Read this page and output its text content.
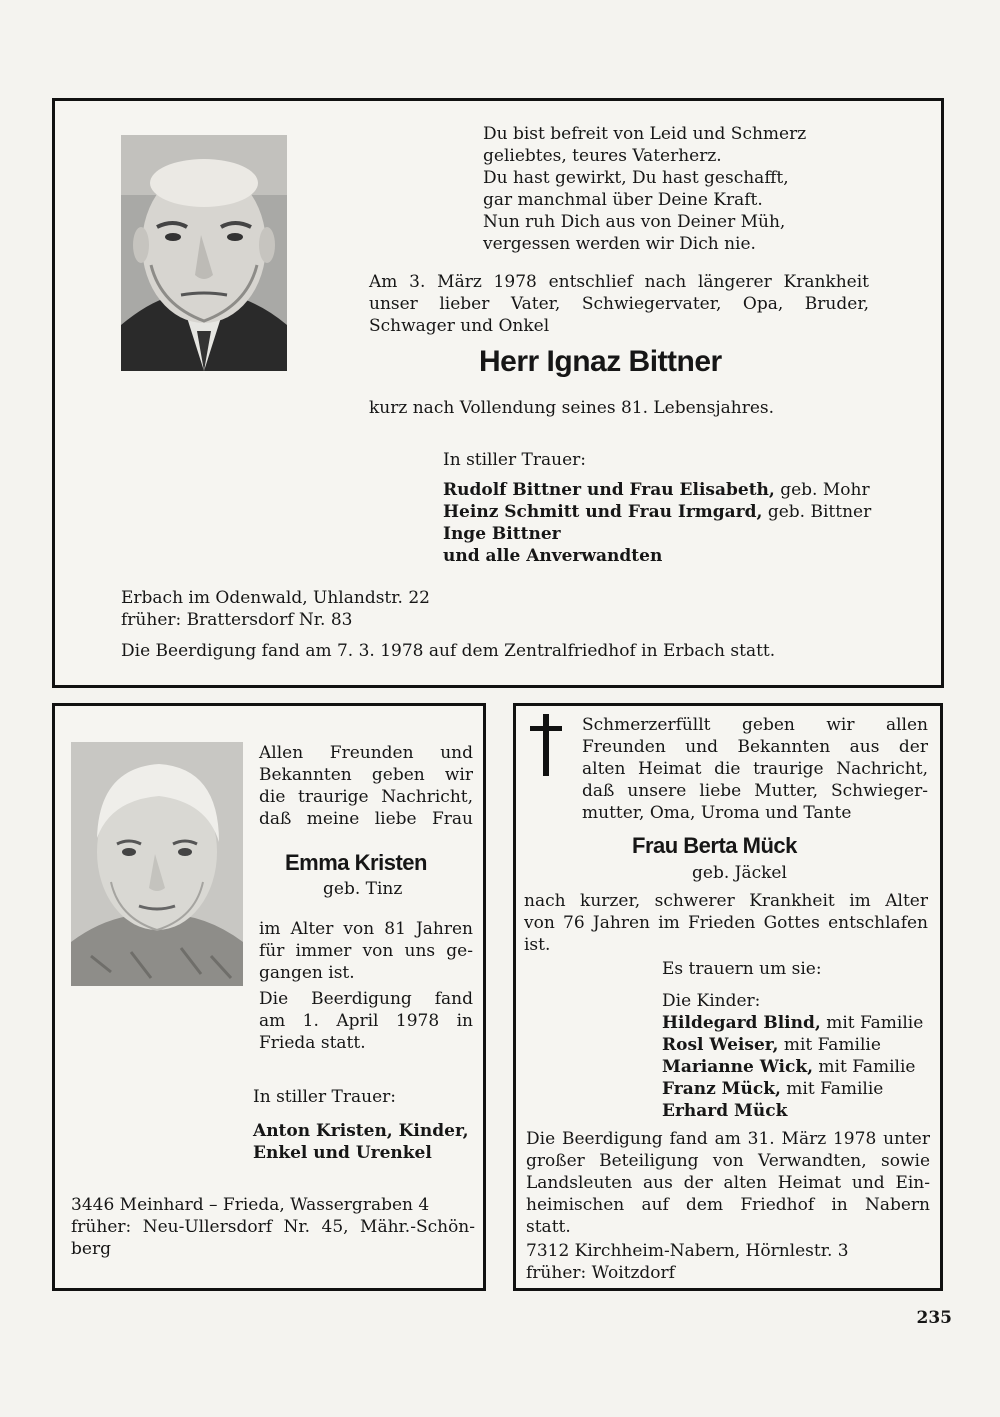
Du bist befreit von Leid und Schmerz
geliebtes, teures Vaterherz.
Du hast gewirkt, Du hast geschafft,
gar manchmal über Deine Kraft.
Nun ruh Dich aus von Deiner Müh,
vergessen werden wir Dich nie.
Am 3. März 1978 entschlief nach längerer Krankheit
unser lieber Vater, Schwiegervater, Opa, Bruder,
Schwager und Onkel
Herr Ignaz Bittner
kurz nach Vollendung seines 81. Lebensjahres.
In stiller Trauer:
Rudolf Bittner und Frau Elisabeth, geb. Mohr
Heinz Schmitt und Frau Irmgard, geb. Bittner
Inge Bittner
und alle Anverwandten
Erbach im Odenwald, Uhlandstr. 22
früher: Brattersdorf Nr. 83
Die Beerdigung fand am 7. 3. 1978 auf dem Zentralfriedhof in Erbach statt.
Allen Freunden und
Bekannten geben wir
die traurige Nachricht,
daß meine liebe Frau
Emma Kristen
geb. Tinz
im Alter von 81 Jahren
für immer von uns ge-
gangen ist.
Die Beerdigung fand
am 1. April 1978 in
Frieda statt.
In stiller Trauer:
Anton Kristen, Kinder,
Enkel und Urenkel
3446 Meinhard – Frieda, Wassergraben 4
früher: Neu-Ullersdorf Nr. 45, Mähr.-Schön-
berg
Schmerzerfüllt geben wir allen
Freunden und Bekannten aus der
alten Heimat die traurige Nachricht,
daß unsere liebe Mutter, Schwieger-
mutter, Oma, Uroma und Tante
Frau Berta Mück
geb. Jäckel
nach kurzer, schwerer Krankheit im Alter
von 76 Jahren im Frieden Gottes entschlafen
ist.
Es trauern um sie:
Die Kinder:
Hildegard Blind, mit Familie
Rosl Weiser, mit Familie
Marianne Wick, mit Familie
Franz Mück, mit Familie
Erhard Mück
Die Beerdigung fand am 31. März 1978 unter
großer Beteiligung von Verwandten, sowie
Landsleuten aus der alten Heimat und Ein-
heimischen auf dem Friedhof in Nabern
statt.
7312 Kirchheim-Nabern, Hörnlestr. 3
früher: Woitzdorf
235
